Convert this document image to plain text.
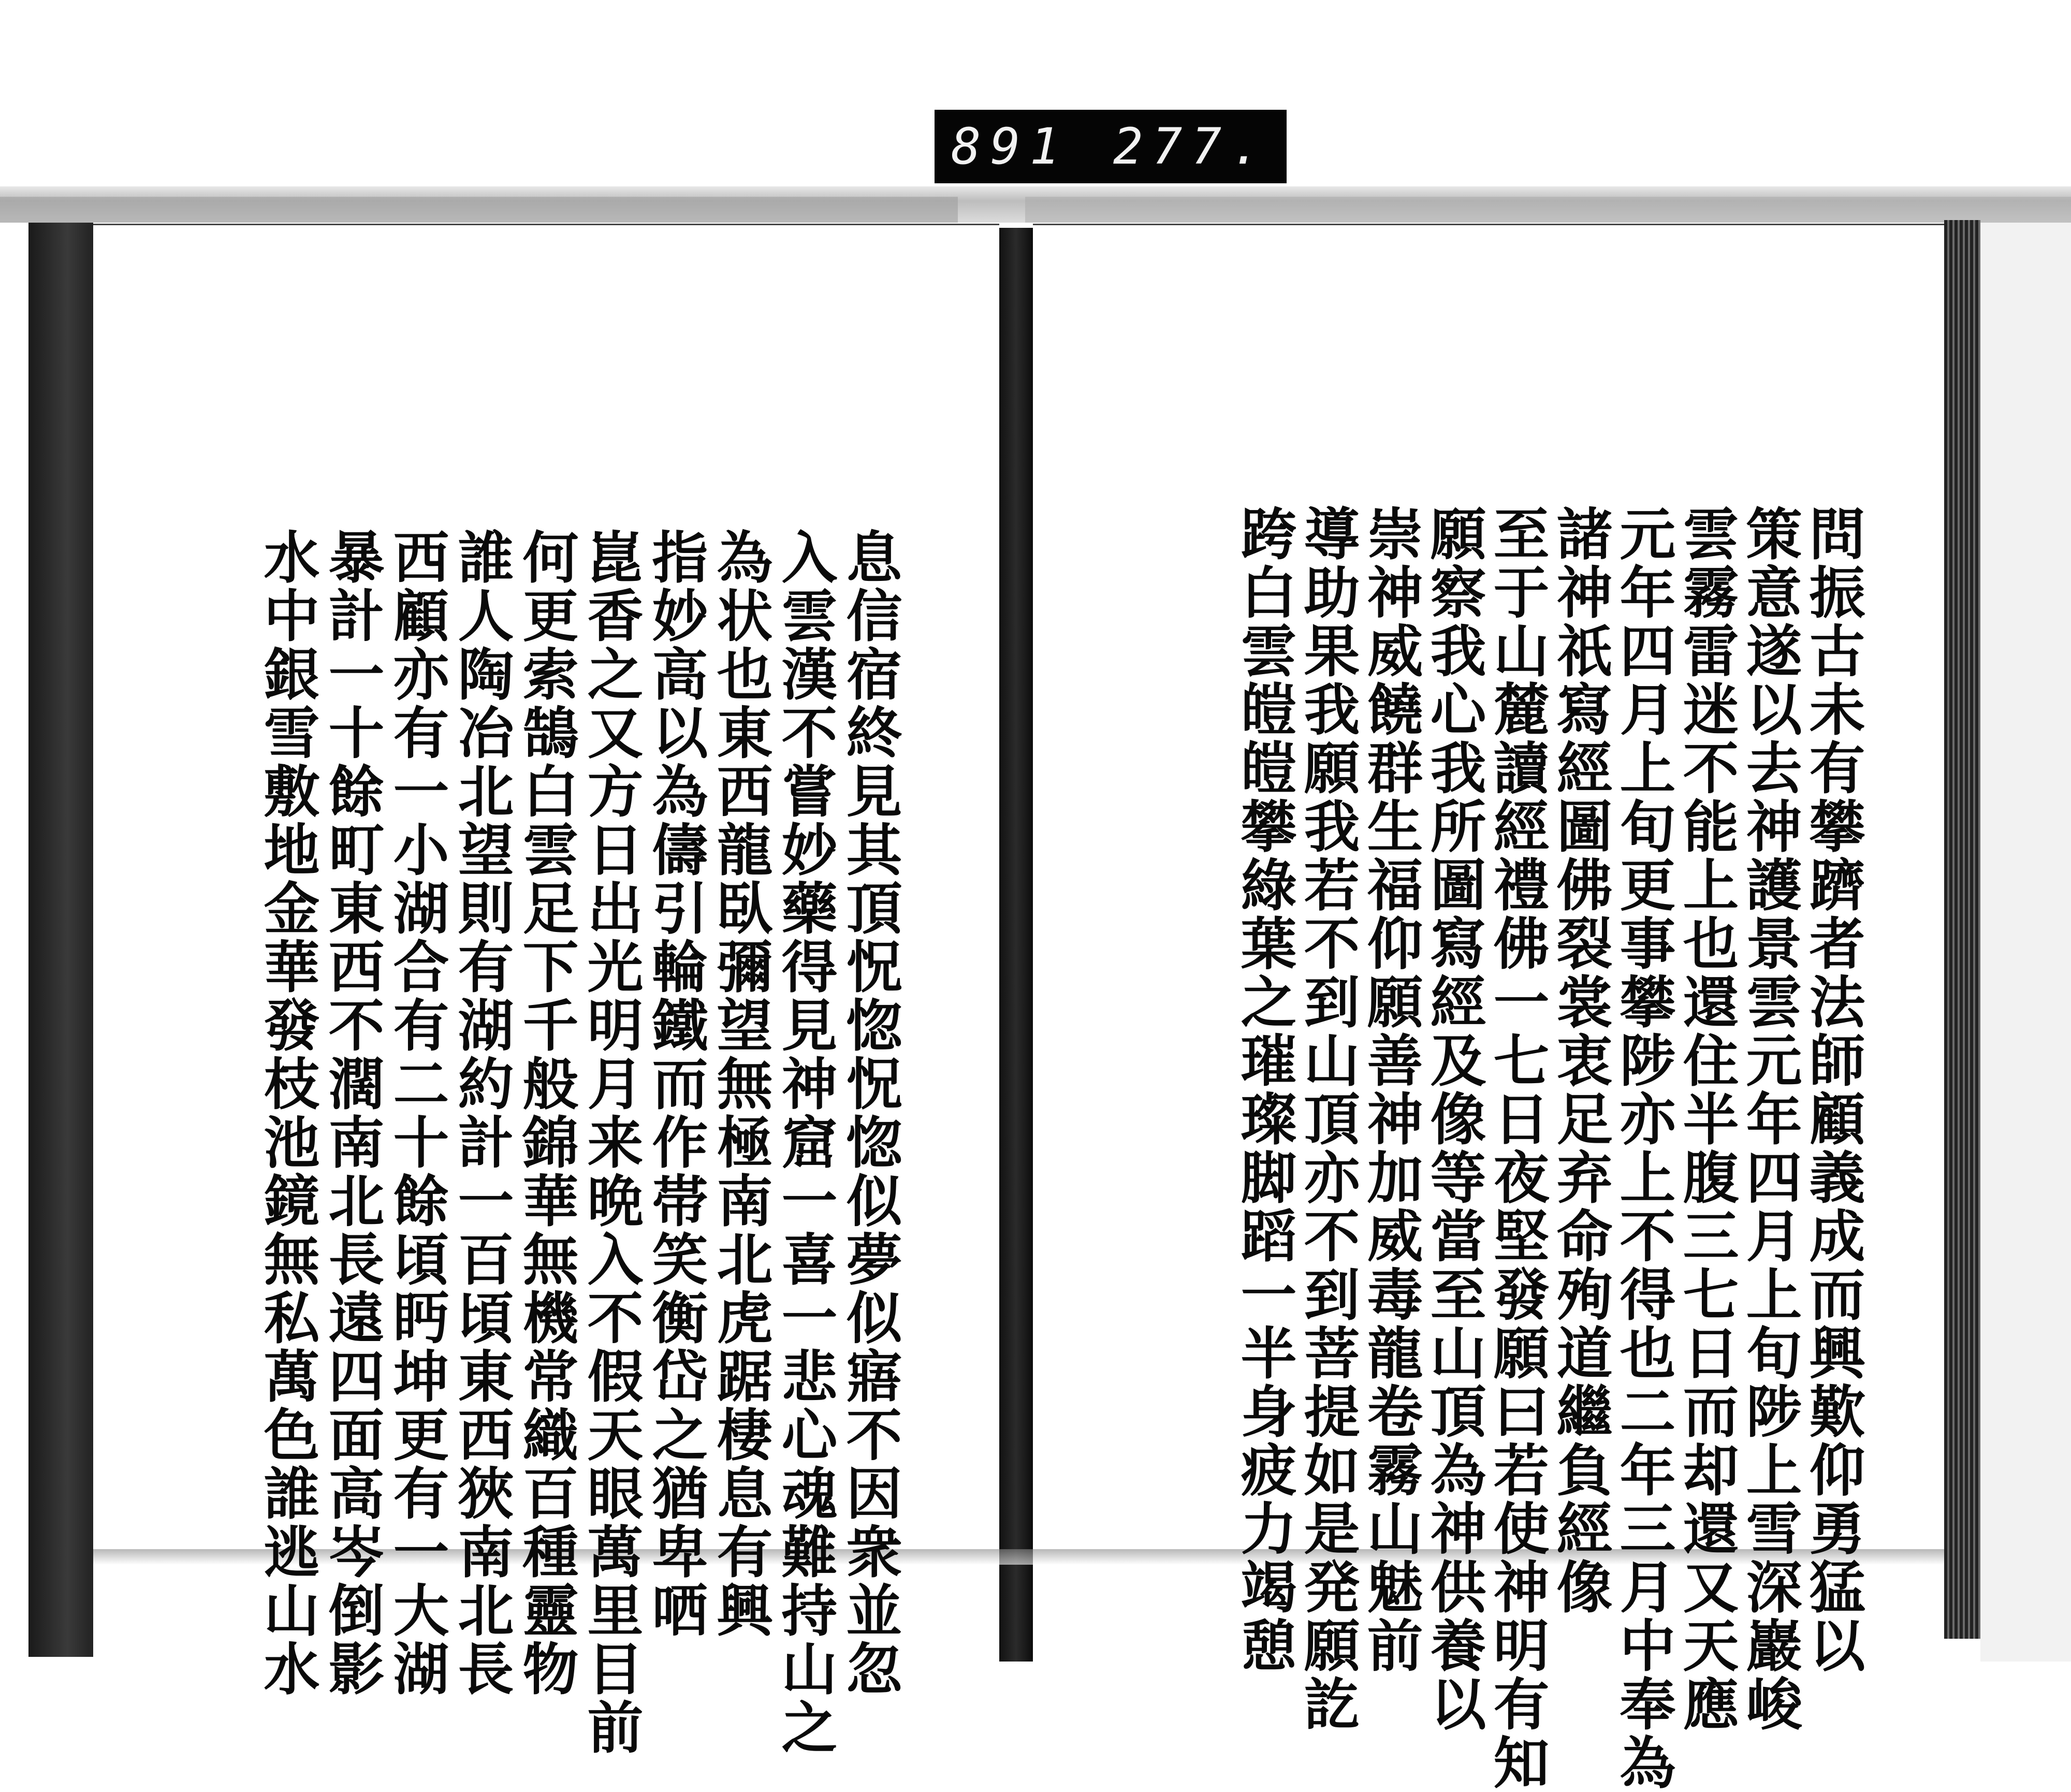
891 277.
問振古未有攀躋者法師顧義成而興歎仰勇猛以
策意遂以去神護景雲元年四月上旬陟上雪深巖峻
雲霧雷迷不能上也還住半腹三七日而却還又天應
元年四月上旬更事攀陟亦上不得也二年三月中奉為
諸神祇寫經圖佛裂裳衷足弃命殉道繼負經像
至于山麓讀經禮佛一七日夜堅發願曰若使神明有知
願察我心我所圖寫經及像等當至山頂為神供養以
崇神威饒群生福仰願善神加威毒龍卷霧山魅前
導助果我願我若不到山頂亦不到菩提如是発願訖
跨白雲皚皚攀綠葉之璀璨脚蹈一半身疲力竭憩
息信宿終見其頂怳惚怳惚似夢似寤不因衆並忽
入雲漢不嘗妙藥得見神窟一喜一悲心魂難持山之
為状也東西龍臥彌望無極南北虎踞棲息有興
指妙高以為儔引輪鐵而作帯笑衡岱之猶卑哂
崑香之又方日出光明月来晩入不假天眼萬里目前
何更索鵠白雲足下千般錦華無機常織百種靈物
誰人陶冶北望則有湖約計一百頃東西狹南北長
西顧亦有一小湖合有二十餘頃眄坤更有一大湖
暴計一十餘町東西不濶南北長遠四面高岑倒影
水中銀雪敷地金華發枝池鏡無私萬色誰逃山水
